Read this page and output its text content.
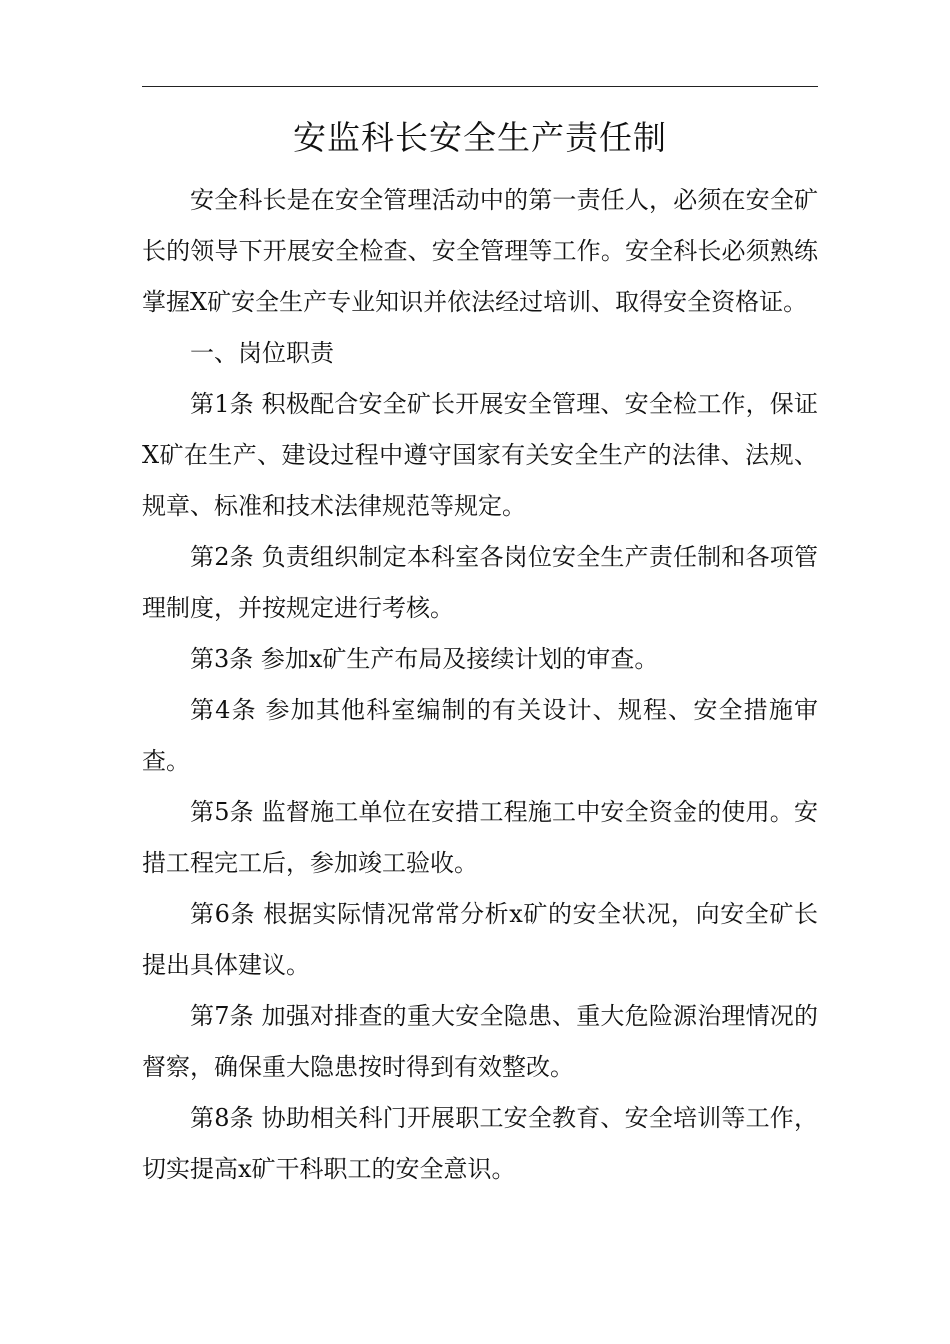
安监科长安全生产责任制

安全科长是在安全管理活动中的第一责任人，必须在安全矿长的领导下开展安全检查、安全管理等工作。安全科长必须熟练掌握X矿安全生产专业知识并依法经过培训、取得安全资格证。

一、岗位职责

第1条 积极配合安全矿长开展安全管理、安全检工作，保证X矿在生产、建设过程中遵守国家有关安全生产的法律、法规、规章、标准和技术法律规范等规定。

第2条 负责组织制定本科室各岗位安全生产责任制和各项管理制度，并按规定进行考核。

第3条 参加x矿生产布局及接续计划的审查。

第4条 参加其他科室编制的有关设计、规程、安全措施审查。

第5条 监督施工单位在安措工程施工中安全资金的使用。安措工程完工后，参加竣工验收。

第6条 根据实际情况常常分析x矿的安全状况，向安全矿长提出具体建议。

第7条 加强对排查的重大安全隐患、重大危险源治理情况的督察，确保重大隐患按时得到有效整改。

第8条 协助相关科门开展职工安全教育、安全培训等工作，切实提高x矿干科职工的安全意识。
